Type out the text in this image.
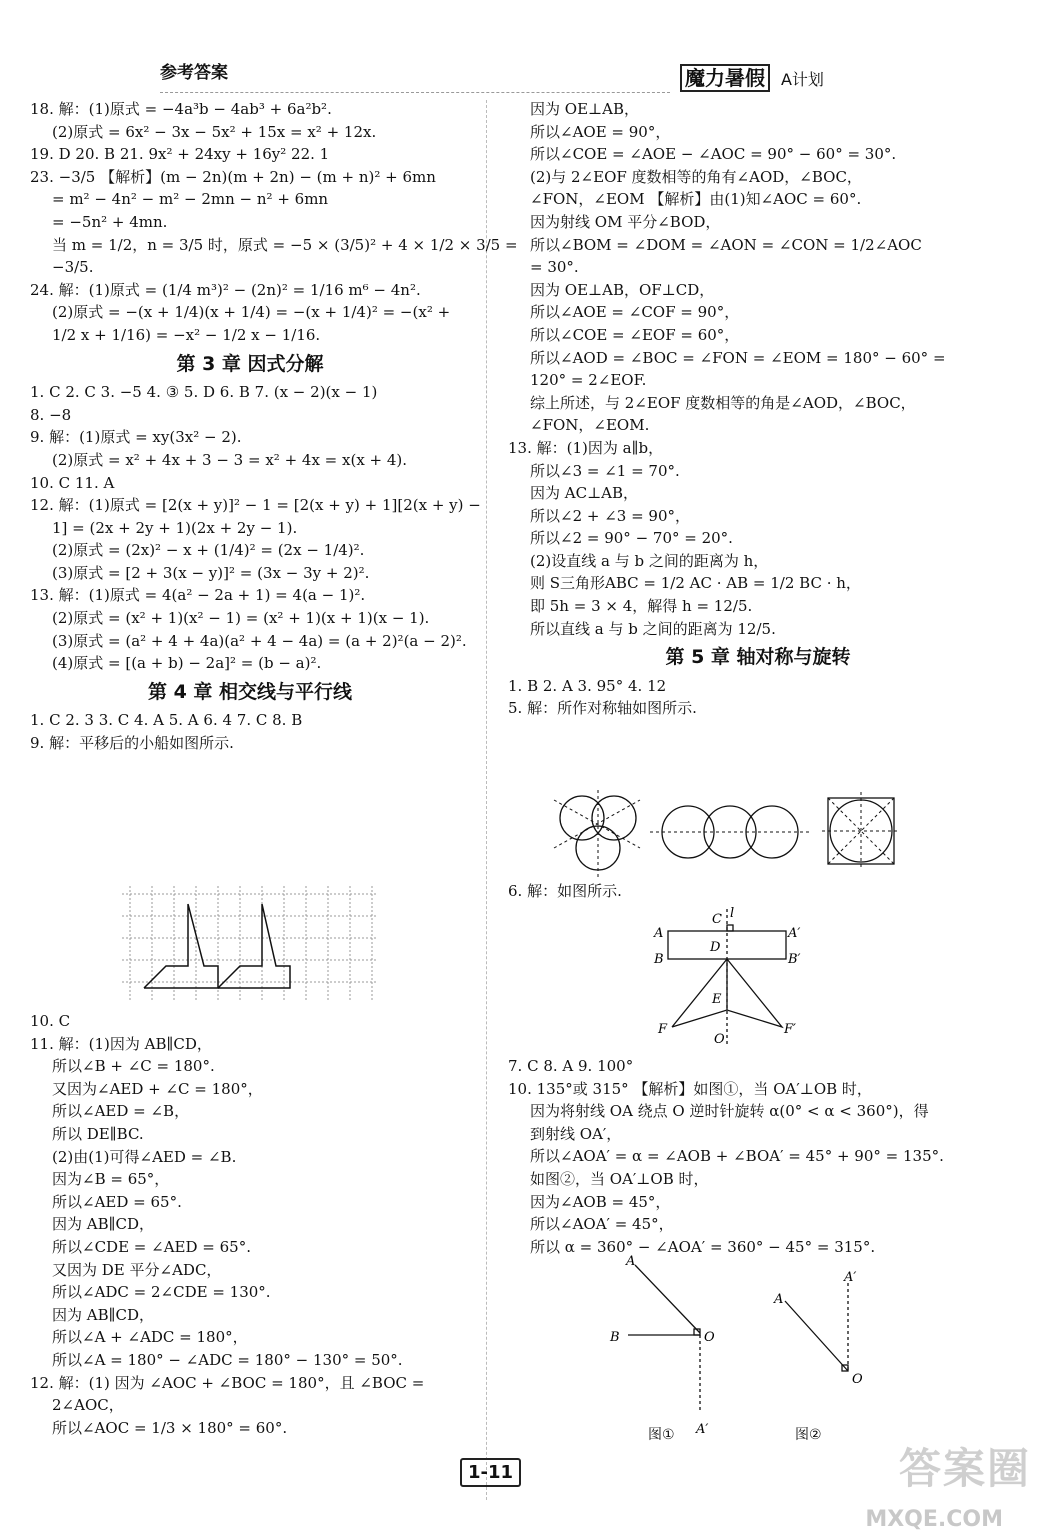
参考答案	魔力暑假 A计划
18. 解：(1)原式 = −4a³b − 4ab³ + 6a²b².
(2)原式 = 6x² − 3x − 5x² + 15x = x² + 12x.
19. D 20. B 21. 9x² + 24xy + 16y² 22. 1
23. −3/5 【解析】(m − 2n)(m + 2n) − (m + n)² + 6mn
= m² − 4n² − m² − 2mn − n² + 6mn
= −5n² + 4mn.
当 m = 1/2，n = 3/5 时，原式 = −5 × (3/5)² + 4 × 1/2 × 3/5 =
−3/5.
24. 解：(1)原式 = (1/4 m³)² − (2n)² = 1/16 m⁶ − 4n².
(2)原式 = −(x + 1/4)(x + 1/4) = −(x + 1/4)² = −(x² +
1/2 x + 1/16) = −x² − 1/2 x − 1/16.
第 3 章 因式分解
1. C 2. C 3. −5 4. ③ 5. D 6. B 7. (x − 2)(x − 1)
8. −8
9. 解：(1)原式 = xy(3x² − 2).
(2)原式 = x² + 4x + 3 − 3 = x² + 4x = x(x + 4).
10. C 11. A
12. 解：(1)原式 = [2(x + y)]² − 1 = [2(x + y) + 1][2(x + y) −
1] = (2x + 2y + 1)(2x + 2y − 1).
(2)原式 = (2x)² − x + (1/4)² = (2x − 1/4)².
(3)原式 = [2 + 3(x − y)]² = (3x − 3y + 2)².
13. 解：(1)原式 = 4(a² − 2a + 1) = 4(a − 1)².
(2)原式 = (x² + 1)(x² − 1) = (x² + 1)(x + 1)(x − 1).
(3)原式 = (a² + 4 + 4a)(a² + 4 − 4a) = (a + 2)²(a − 2)².
(4)原式 = [(a + b) − 2a]² = (b − a)².
第 4 章 相交线与平行线
1. C 2. 3 3. C 4. A 5. A 6. 4 7. C 8. B
9. 解：平移后的小船如图所示.
10. C
11. 解：(1)因为 AB∥CD，
所以∠B + ∠C = 180°.
又因为∠AED + ∠C = 180°，
所以∠AED = ∠B，
所以 DE∥BC.
(2)由(1)可得∠AED = ∠B.
因为∠B = 65°，
所以∠AED = 65°.
因为 AB∥CD，
所以∠CDE = ∠AED = 65°.
又因为 DE 平分∠ADC，
所以∠ADC = 2∠CDE = 130°.
因为 AB∥CD，
所以∠A + ∠ADC = 180°，
所以∠A = 180° − ∠ADC = 180° − 130° = 50°.
12. 解：(1) 因为 ∠AOC + ∠BOC = 180°，且 ∠BOC =
2∠AOC，
所以∠AOC = 1/3 × 180° = 60°.
因为 OE⊥AB，
所以∠AOE = 90°，
所以∠COE = ∠AOE − ∠AOC = 90° − 60° = 30°.
(2)与 2∠EOF 度数相等的角有∠AOD，∠BOC，
∠FON，∠EOM 【解析】由(1)知∠AOC = 60°.
因为射线 OM 平分∠BOD，
所以∠BOM = ∠DOM = ∠AON = ∠CON = 1/2∠AOC
= 30°.
因为 OE⊥AB，OF⊥CD，
所以∠AOE = ∠COF = 90°，
所以∠COE = ∠EOF = 60°，
所以∠AOD = ∠BOC = ∠FON = ∠EOM = 180° − 60° =
120° = 2∠EOF.
综上所述，与 2∠EOF 度数相等的角是∠AOD，∠BOC，
∠FON，∠EOM.
13. 解：(1)因为 a∥b，
所以∠3 = ∠1 = 70°.
因为 AC⊥AB，
所以∠2 + ∠3 = 90°，
所以∠2 = 90° − 70° = 20°.
(2)设直线 a 与 b 之间的距离为 h，
则 S三角形ABC = 1/2 AC · AB = 1/2 BC · h，
即 5h = 3 × 4，解得 h = 12/5.
所以直线 a 与 b 之间的距离为 12/5.
第 5 章 轴对称与旋转
1. B 2. A 3. 95° 4. 12
5. 解：所作对称轴如图所示.
6. 解：如图所示.
C l
A
D
A′
B	B′
E
F	F′
O
7. C 8. A 9. 100°
10. 135°或 315° 【解析】如图①，当 OA′⊥OB 时，
因为将射线 OA 绕点 O 逆时针旋转 α(0° < α < 360°)，得
到射线 OA′，
所以∠AOA′ = α = ∠AOB + ∠BOA′ = 45° + 90° = 135°.
如图②，当 OA′⊥OB 时，
因为∠AOB = 45°，
所以∠AOA′ = 45°，
所以 α = 360° − ∠AOA′ = 360° − 45° = 315°.
A
B	O
A′
A
A′
O
图①	图②
1-11	答案圈
MXQE.COM
